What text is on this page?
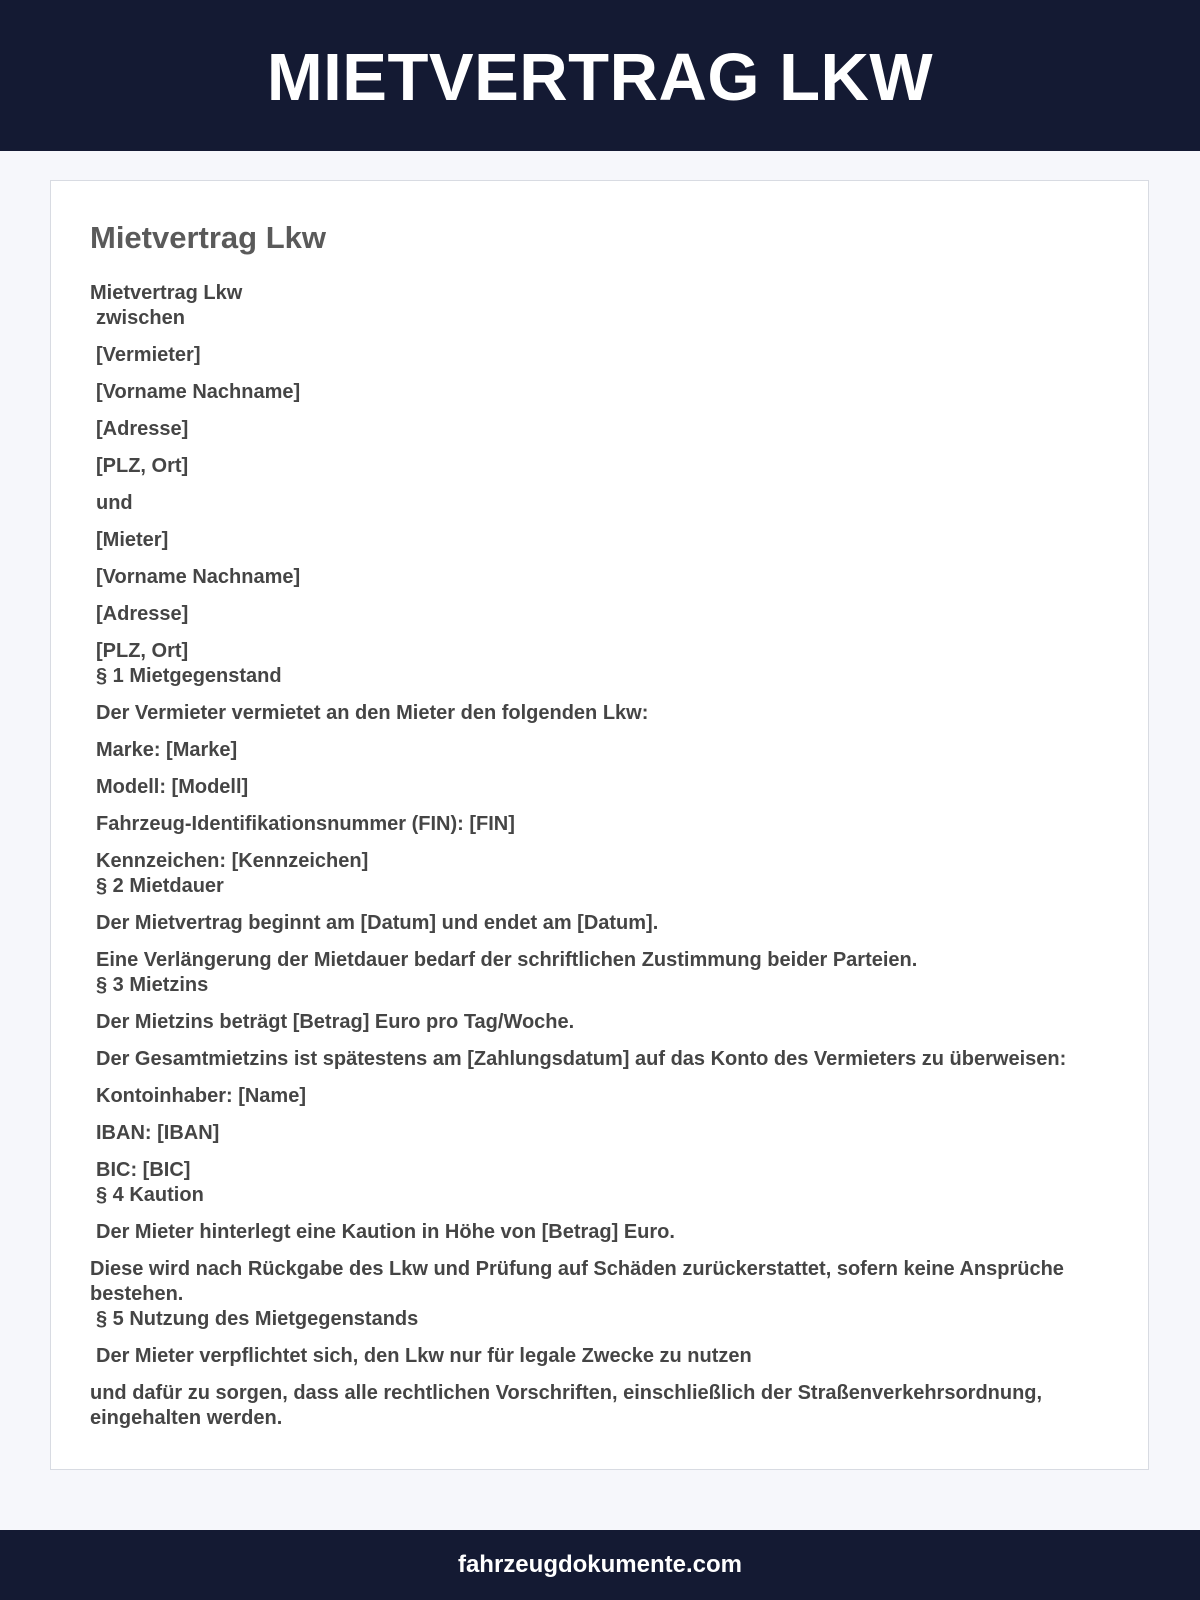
MIETVERTRAG LKW
Mietvertrag Lkw

Mietvertrag Lkw

zwischen

[Vermieter]

[Vorname Nachname]

[Adresse]

[PLZ, Ort]

und

[Mieter]

[Vorname Nachname]

[Adresse]

[PLZ, Ort]

§ 1 Mietgegenstand

Der Vermieter vermietet an den Mieter den folgenden Lkw:

Marke: [Marke]

Modell: [Modell]

Fahrzeug-Identifikationsnummer (FIN): [FIN]

Kennzeichen: [Kennzeichen]

§ 2 Mietdauer

Der Mietvertrag beginnt am [Datum] und endet am [Datum].

Eine Verlängerung der Mietdauer bedarf der schriftlichen Zustimmung beider Parteien.

§ 3 Mietzins

Der Mietzins beträgt [Betrag] Euro pro Tag/Woche.

Der Gesamtmietzins ist spätestens am [Zahlungsdatum] auf das Konto des Vermieters zu überweisen:

Kontoinhaber: [Name]

IBAN: [IBAN]

BIC: [BIC]

§ 4 Kaution

Der Mieter hinterlegt eine Kaution in Höhe von [Betrag] Euro.

Diese wird nach Rückgabe des Lkw und Prüfung auf Schäden zurückerstattet, sofern keine Ansprüche bestehen.

§ 5 Nutzung des Mietgegenstands

Der Mieter verpflichtet sich, den Lkw nur für legale Zwecke zu nutzen

und dafür zu sorgen, dass alle rechtlichen Vorschriften, einschließlich der Straßenverkehrsordnung, eingehalten werden.

fahrzeugdokumente.com
